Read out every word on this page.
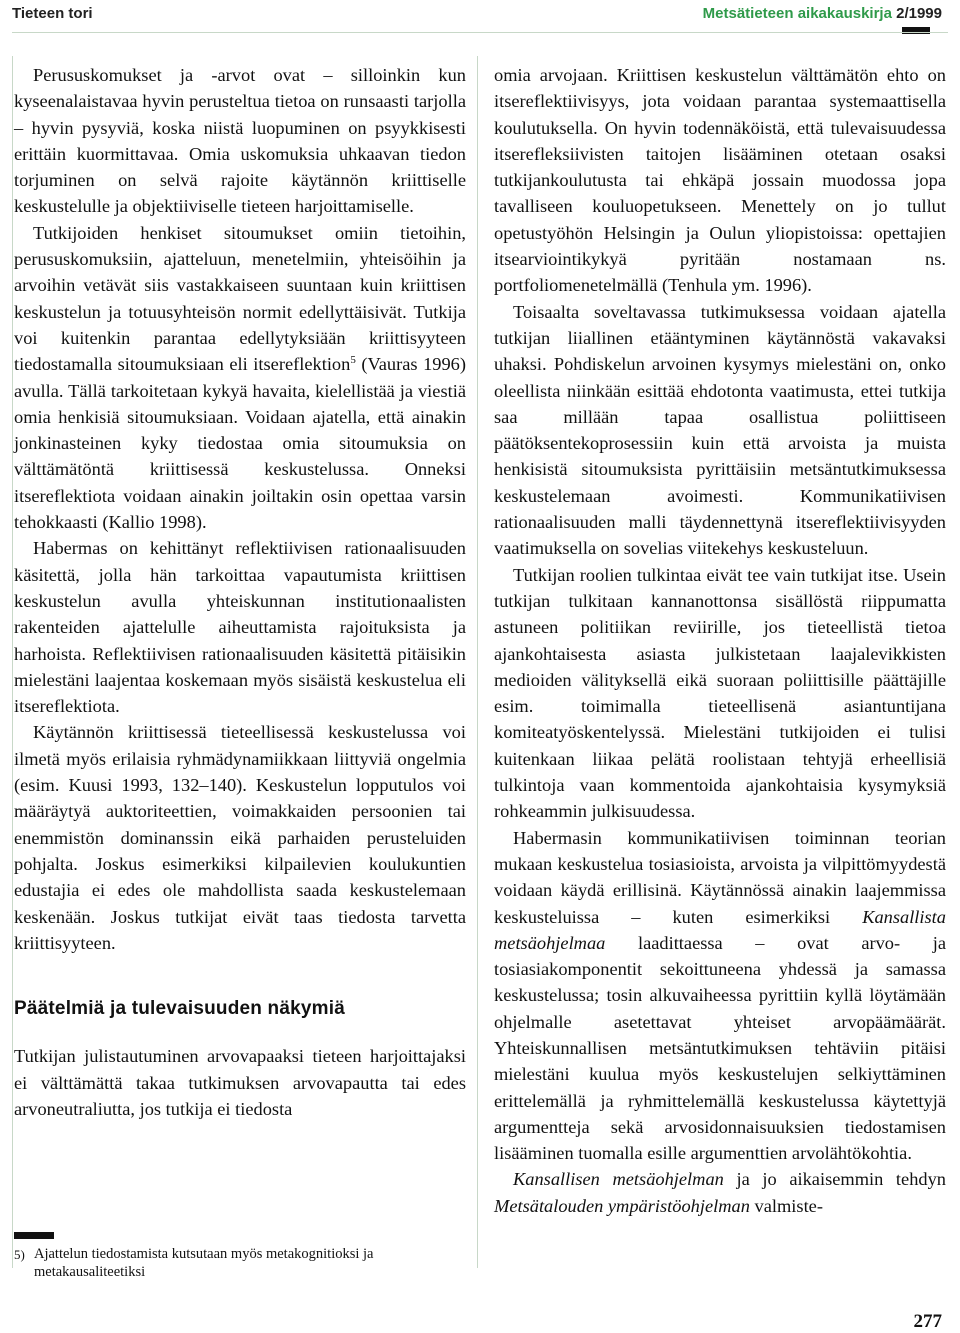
Tieteen tori	Metsätieteen aikakauskirja 2/1999

Perususkomukset ja -arvot ovat – silloinkin kun kyseenalaistavaa hyvin perusteltua tietoa on runsaasti tarjolla – hyvin pysyviä, koska niistä luopuminen on psyykkisesti erittäin kuormittavaa. Omia uskomuksia uhkaavan tiedon torjuminen on selvä rajoite käytännön kriittiselle keskustelulle ja objektiiviselle tieteen harjoittamiselle.

Tutkijoiden henkiset sitoumukset omiin tietoihin, perususkomuksiin, ajatteluun, menetelmiin, yhteisöihin ja arvoihin vetävät siis vastakkaiseen suuntaan kuin kriittisen keskustelun ja totuusyhteisön normit edellyttäisivät. Tutkija voi kuitenkin parantaa edellytyksiään kriittisyyteen tiedostamalla sitoumuksiaan eli itsereflektion$^5$ (Vauras 1996) avulla. Tällä tarkoitetaan kykyä havaita, kielellistää ja viestiä omia henkisiä sitoumuksiaan. Voidaan ajatella, että ainakin jonkinasteinen kyky tiedostaa omia sitoumuksia on välttämätöntä kriittisessä keskustelussa. Onneksi itsereflektiota voidaan ainakin joiltakin osin opettaa varsin tehokkaasti (Kallio 1998).

Habermas on kehittänyt reflektiivisen rationaalisuuden käsitettä, jolla hän tarkoittaa vapautumista kriittisen keskustelun avulla yhteiskunnan institutionaalisten rakenteiden ajattelulle aiheuttamista rajoituksista ja harhoista. Reflektiivisen rationaalisuuden käsitettä pitäisikin mielestäni laajentaa koskemaan myös sisäistä keskustelua eli itsereflektiota.

Käytännön kriittisessä tieteellisessä keskustelussa voi ilmetä myös erilaisia ryhmädynamiikkaan liittyviä ongelmia (esim. Kuusi 1993, 132–140). Keskustelun lopputulos voi määräytyä auktoriteettien, voimakkaiden persoonien tai enemmistön dominanssin eikä parhaiden perusteluiden pohjalta. Joskus esimerkiksi kilpailevien koulukuntien edustajia ei edes ole mahdollista saada keskustelemaan keskenään. Joskus tutkijat eivät taas tiedosta tarvetta kriittisyyteen.

Päätelmiä ja tulevaisuuden näkymiä

Tutkijan julistautuminen arvovapaaksi tieteen harjoittajaksi ei välttämättä takaa tutkimuksen arvovapautta tai edes arvoneutraliutta, jos tutkija ei tiedosta

5) Ajattelun tiedostamista kutsutaan myös metakognitioksi ja metakausaliteetiksi

omia arvojaan. Kriittisen keskustelun välttämätön ehto on itsereflektiivisyys, jota voidaan parantaa systemaattisella koulutuksella. On hyvin todennäköistä, että tulevaisuudessa itserefleksiivisten taitojen lisääminen otetaan osaksi tutkijankoulutusta tai ehkäpä jossain muodossa jopa tavalliseen kouluopetukseen. Menettely on jo tullut opetustyöhön Helsingin ja Oulun yliopistoissa: opettajien itsearviointikykyä pyritään nostamaan ns. portfoliomenetelmällä (Tenhula ym. 1996).

Toisaalta soveltavassa tutkimuksessa voidaan ajatella tutkijan liiallinen etääntyminen käytännöstä vakavaksi uhaksi. Pohdiskelun arvoinen kysymys mielestäni on, onko oleellista niinkään esittää ehdotonta vaatimusta, ettei tutkija saa millään tapaa osallistua poliittiseen päätöksentekoprosessiin kuin että arvoista ja muista henkisistä sitoumuksista pyrittäisiin metsäntutkimuksessa keskustelemaan avoimesti. Kommunikatiivisen rationaalisuuden malli täydennettynä itsereflektiivisyyden vaatimuksella on sovelias viitekehys keskusteluun.

Tutkijan roolien tulkintaa eivät tee vain tutkijat itse. Usein tutkijan tulkitaan kannanottonsa sisällöstä riippumatta astuneen politiikan reviirille, jos tieteellistä tietoa ajankohtaisesta asiasta julkistetaan laajalevikkisten medioiden välityksellä eikä suoraan poliittisille päättäjille esim. toimimalla tieteellisenä asiantuntijana komiteatyöskentelyssä. Mielestäni tutkijoiden ei tulisi kuitenkaan liikaa pelätä roolistaan tehtyjä erheellisiä tulkintoja vaan kommentoida ajankohtaisia kysymyksiä rohkeammin julkisuudessa.

Habermasin kommunikatiivisen toiminnan teorian mukaan keskustelua tosiasioista, arvoista ja vilpittömyydestä voidaan käydä erillisinä. Käytännössä ainakin laajemmissa keskusteluissa – kuten esimerkiksi Kansallista metsäohjelmaa laadittaessa – ovat arvo- ja tosiasiakomponentit sekoittuneena yhdessä ja samassa keskustelussa; tosin alkuvaiheessa pyrittiin kyllä löytämään ohjelmalle asetettavat yhteiset arvopäämäärät. Yhteiskunnallisen metsäntutkimuksen tehtäviin pitäisi mielestäni kuulua myös keskustelujen selkiyttäminen erittelemällä ja ryhmittelemällä keskustelussa käytettyjä argumentteja sekä arvosidonnaisuuksien tiedostamisen lisääminen tuomalla esille argumenttien arvolähtökohtia.

Kansallisen metsäohjelman ja jo aikaisemmin tehdyn Metsätalouden ympäristöohjelman valmiste-

277
